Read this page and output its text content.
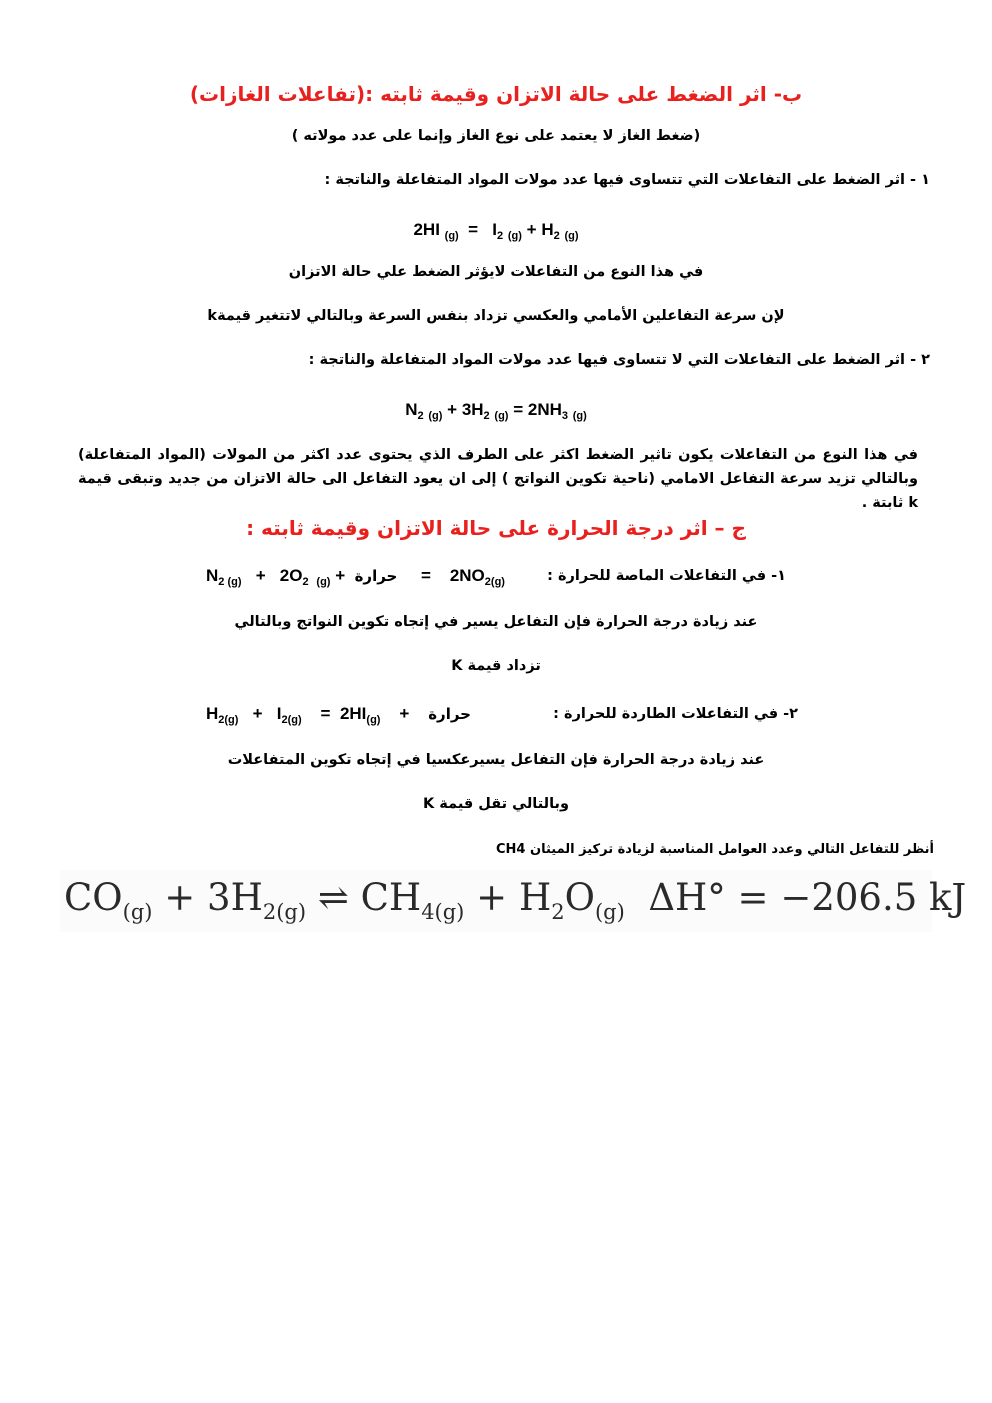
ب- اثر الضغط على حالة الاتزان وقيمة ثابته :(تفاعلات الغازات)
(ضغط الغاز لا يعتمد على نوع الغاز وإنما على عدد مولاته )
١ - اثر الضغط على التفاعلات التي تتساوى فيها عدد مولات المواد المتفاعلة والناتجة :
2HI $_{(g)} = I_2$ $_{(g)} + H_2$ $_{(g)}$
في هذا النوع من التفاعلات لايؤثر الضغط علي حالة الاتزان
لإن سرعة التفاعلين الأمامي والعكسي تزداد بنفس السرعة وبالتالي لاتتغير قيمةk
٢ - اثر الضغط على التفاعلات التي لا تتساوى فيها عدد مولات المواد المتفاعلة والناتجة :
$N_2$ $_{(g)} + 3H_2$ $_{(g)} = 2NH_3$ $_{(g)}$
في هذا النوع من التفاعلات يكون تاثير الضغط اكثر على الطرف الذي يحتوى عدد اكثر من المولات (المواد المتفاعلة) وبالتالي تزيد سرعة التفاعل الامامي (ناحية تكوين النواتج ) إلى ان يعود التفاعل الى حالة الاتزان من جديد وتبقى قيمة k ثابتة .
ج – اثر درجة الحرارة على حالة الاتزان وقيمة ثابته :
$N_2$ $_{(g)} + 2O_2$  $_{(g)}$ + حرارة = $2NO_{2(g)}$	١- في التفاعلات الماصة للحرارة :
عند زيادة درجة الحرارة فإن التفاعل يسير في إتجاه تكوين النواتج وبالتالي
تزداد قيمة K
$H_{2(g)} + I_{2(g)} = 2HI_{(g)}$ + حرارة	٢- في التفاعلات الطاردة للحرارة :
عند زيادة درجة الحرارة فإن التفاعل يسيرعكسيا في إتجاه تكوين المتفاعلات
وبالتالي تقل قيمة K
أنظر للتفاعل التالي وعدد العوامل المناسبة لزيادة تركيز الميثان CH4
$CO_{(g)} + 3H_{2(g)}$ ⇌ $CH_{4(g)} + H_2O_{(g)}$ ΔH° = −206.5 kJ
